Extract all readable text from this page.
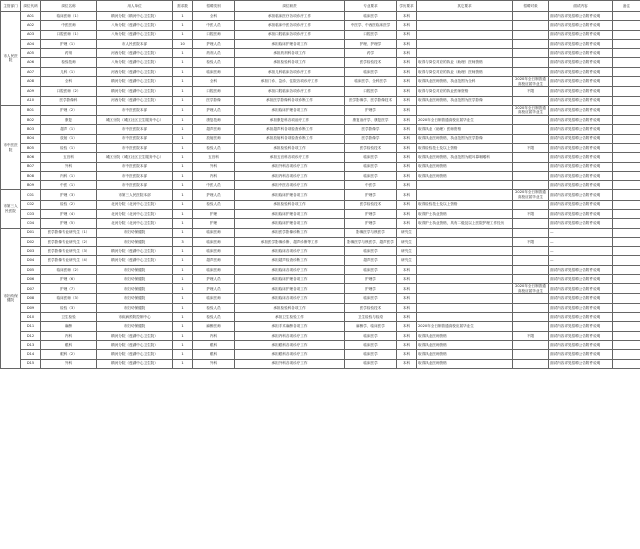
主管部门	岗位代码	岗位名称	用人单位	需求数	招聘类别	岗位职责	专业要求	学历要求	其它要求	招聘对象	面试内容	备注
市人民医院	A01	临床医师（1）	精河分院（精河中心卫生院）	1	全科	承担临床医疗各项诊疗工作	临床医学	本科			面试内容详见招聘公告附件说明	
	A02	中医医师	八角分院（莲湖中心卫生院）	1	中医人员	承担临床中医各项诊疗工作	中医学、中西医临床医学	本科			面试内容详见招聘公告附件说明	
	A03	口腔医师（1）	八角分院（莲湖中心卫生院）	1	口腔医师	承担口腔临床各项诊疗工作	口腔医学	本科			面试内容详见招聘公告附件说明	
	A04	护理（1）	市人民医院本部	10	护理人员	承担临床护理各项工作	护理、护理学	本科			面试内容详见招聘公告附件说明	
	A05	药剂	河西分院（莲湖中心卫生院）	1	药剂人员	承担药剂科各项工作	药学	本科			面试内容详见招聘公告附件说明	
	A06	检验技师	八角分院（莲湖中心卫生院）	1	检验人员	承担检验科各项工作	医学检验技术	本科	取得与岗位对应的执业（助理）医师资格		面试内容详见招聘公告附件说明	
	A07	儿科（1）	河西分院（莲湖中心卫生院）	1	临床医师	承担儿科临床各项诊疗工作	临床医学	本科	取得与岗位对应的执业（助理）医师资格		面试内容详见招聘公告附件说明	
	A08	全科	精河分院（莲湖中心卫生院）	1	全科	承担门诊、急诊、住院各项诊疗工作	临床医学、全科医学	本科	取得执业医师资格，执业范围为全科	2020年全日制普通高校应届毕业生	面试内容详见招聘公告附件说明	
	A09	口腔医师（2）	精河分院（莲湖中心卫生院）	1	口腔医师	承担口腔临床各项诊疗工作	口腔医学	本科	取得与岗位对应的执业医师资格	不限	面试内容详见招聘公告附件说明	
	A10	医学影像科	河西分院（莲湖中心卫生院）	1	医学影像	承担医学影像科各项诊断工作	医学影像学、医学影像技术	本科	取得执业医师资格，执业范围为医学影像		面试内容详见招聘公告附件说明	
市中医医院	B01	护理（2）	市中医医院本部	1	护理人员	承担临床护理各项工作	护理学	本科		2020年全日制普通高校应届毕业生	面试内容详见招聘公告附件说明	
	B02	康复	城区分院（城区社区卫生服务中心）	1	康复技师	承担康复科各项治疗工作	康复治疗学、康复医学	本科	2020年全日制普通高校应届毕业生		面试内容详见招聘公告附件说明	
	B03	超声（1）	市中医医院本部	1	超声医师	承担超声科各项检查诊断工作	医学影像学	本科	取得执业（助理）医师资格		面试内容详见招聘公告附件说明	
	B04	放射（1）	市中医医院本部	1	放射医师	承担放射科各项检查诊断工作	医学影像学	本科	取得执业医师资格，执业范围为医学影像		面试内容详见招聘公告附件说明	
	B05	检验（1）	市中医医院本部	1	检验人员	承担检验科各项工作	医学检验技术	本科	取得检验技士及以上资格	不限	面试内容详见招聘公告附件说明	
	B06	五官科	城区分院（城区社区卫生服务中心）	1	五官科	承担五官科各项诊疗工作	临床医学	本科	取得执业医师资格，执业范围为眼耳鼻咽喉科		面试内容详见招聘公告附件说明	
	B07	外科	市中医医院本部	1	外科	承担外科各项诊疗工作	临床医学	本科	取得执业医师资格		面试内容详见招聘公告附件说明	
	B08	内科（1）	市中医医院本部	1	内科	承担内科各项诊疗工作	临床医学	本科	取得执业医师资格		面试内容详见招聘公告附件说明	
	B09	中医（1）	市中医医院本部	1	中医人员	承担中医各项诊疗工作	中医学	本科			面试内容详见招聘公告附件说明	
市第三人民医院	C01	护理（3）	市第三人民医院本部	1	护理人员	承担临床护理各项工作	护理学	本科		2020年全日制普通高校应届毕业生	面试内容详见招聘公告附件说明	
	C02	检验（2）	北河分院（北河中心卫生院）	1	检验人员	承担检验科各项工作	医学检验技术	本科	取得检验技士及以上资格		面试内容详见招聘公告附件说明	
	C03	护理（4）	北河分院（北河中心卫生院）	1	护理	承担临床护理各项工作	护理学	本科	取得护士执业资格	不限	面试内容详见招聘公告附件说明	
	C04	护理（5）	北河分院（北河中心卫生院）	1	护理	承担临床护理各项工作	护理学	本科	取得护士执业资格，具有二级及以上医院护理工作经历		面试内容详见招聘公告附件说明	
市妇幼保健院	D01	医学影像专业研究生（1）	市妇幼保健院	1	临床医师	承担医学影像诊断工作	影像医学与核医学	研究生			—	
	D02	医学影像专业研究生（2）	市妇幼保健院	3	临床医师	承担医学影像诊断、超声诊断等工作	影像医学与核医学、超声医学	研究生		不限	—	
	D03	医学影像专业研究生（3）	精河分院（莲湖中心卫生院）	1	临床医师	承担临床各项诊疗工作	临床医学	研究生			—	
	D04	医学影像专业研究生（4）	精河分院（莲湖中心卫生院）	1	超声医师	承担超声检查诊断工作	超声医学	研究生			—	
	D05	临床医师（2）	市妇幼保健院	1	临床医师	承担临床各项诊疗工作	临床医学	本科			面试内容详见招聘公告附件说明	
	D06	护理（6）	市妇幼保健院	1	护理人员	承担临床护理各项工作	护理学	本科			面试内容详见招聘公告附件说明	
	D07	护理（7）	市妇幼保健院	1	护理人员	承担临床护理各项工作	护理学	本科		2020年全日制普通高校应届毕业生	面试内容详见招聘公告附件说明	
	D08	临床医师（3）	市妇幼保健院	1	临床医师	承担临床各项诊疗工作	临床医学	本科			面试内容详见招聘公告附件说明	
	D09	检验（3）	市妇幼保健院	1	检验人员	承担检验科各项工作	医学检验技术	本科			面试内容详见招聘公告附件说明	
	D10	卫生检验	市疾病预防控制中心	1	检验人员	承担卫生检验工作	卫生检验与检疫	本科			面试内容详见招聘公告附件说明	
	D11	麻醉	市妇幼保健院	1	麻醉医师	承担手术麻醉各项工作	麻醉学、临床医学	本科	2020年全日制普通高校应届毕业生		面试内容详见招聘公告附件说明	
	D12	内科	精河分院（莲湖中心卫生院）	1	内科	承担内科各项诊疗工作	临床医学	本科	取得执业医师资格	不限	面试内容详见招聘公告附件说明	
	D13	眼科	精河分院（莲湖中心卫生院）	1	眼科	承担眼科各项诊疗工作	临床医学	本科	取得执业医师资格		面试内容详见招聘公告附件说明	
	D14	眼科（2）	精河分院（莲湖中心卫生院）	1	眼科	承担眼科各项诊疗工作	临床医学	本科	取得执业医师资格		面试内容详见招聘公告附件说明	
	D15	外科	精河分院（莲湖中心卫生院）	1	外科	承担外科各项诊疗工作	临床医学	本科	取得执业医师资格		面试内容详见招聘公告附件说明	
